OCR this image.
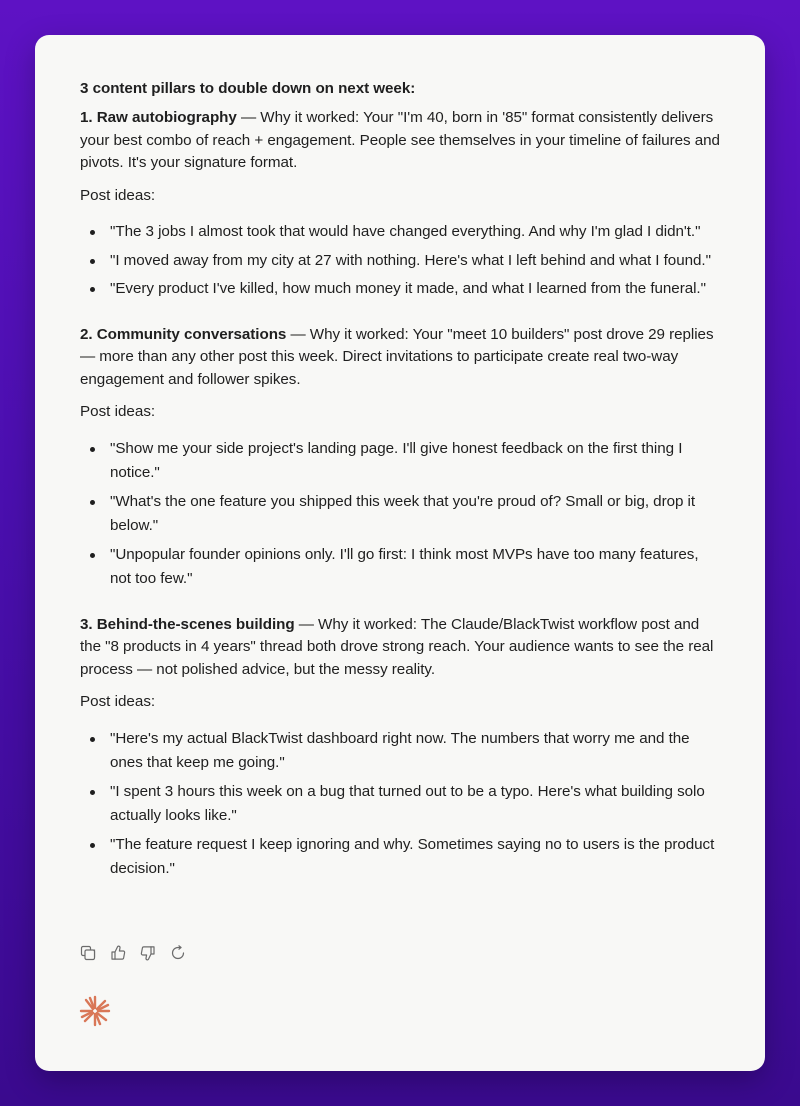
3 content pillars to double down on next week:

1. Raw autobiography — Why it worked: Your "I'm 40, born in '85" format consistently delivers your best combo of reach + engagement. People see themselves in your timeline of failures and pivots. It's your signature format.

Post ideas:

"The 3 jobs I almost took that would have changed everything. And why I'm glad I didn't."
"I moved away from my city at 27 with nothing. Here's what I left behind and what I found."
"Every product I've killed, how much money it made, and what I learned from the funeral."

2. Community conversations — Why it worked: Your "meet 10 builders" post drove 29 replies — more than any other post this week. Direct invitations to participate create real two-way engagement and follower spikes.

Post ideas:

"Show me your side project's landing page. I'll give honest feedback on the first thing I notice."
"What's the one feature you shipped this week that you're proud of? Small or big, drop it below."
"Unpopular founder opinions only. I'll go first: I think most MVPs have too many features, not too few."

3. Behind-the-scenes building — Why it worked: The Claude/BlackTwist workflow post and the "8 products in 4 years" thread both drove strong reach. Your audience wants to see the real process — not polished advice, but the messy reality.

Post ideas:

"Here's my actual BlackTwist dashboard right now. The numbers that worry me and the ones that keep me going."
"I spent 3 hours this week on a bug that turned out to be a typo. Here's what building solo actually looks like."
"The feature request I keep ignoring and why. Sometimes saying no to users is the product decision."
